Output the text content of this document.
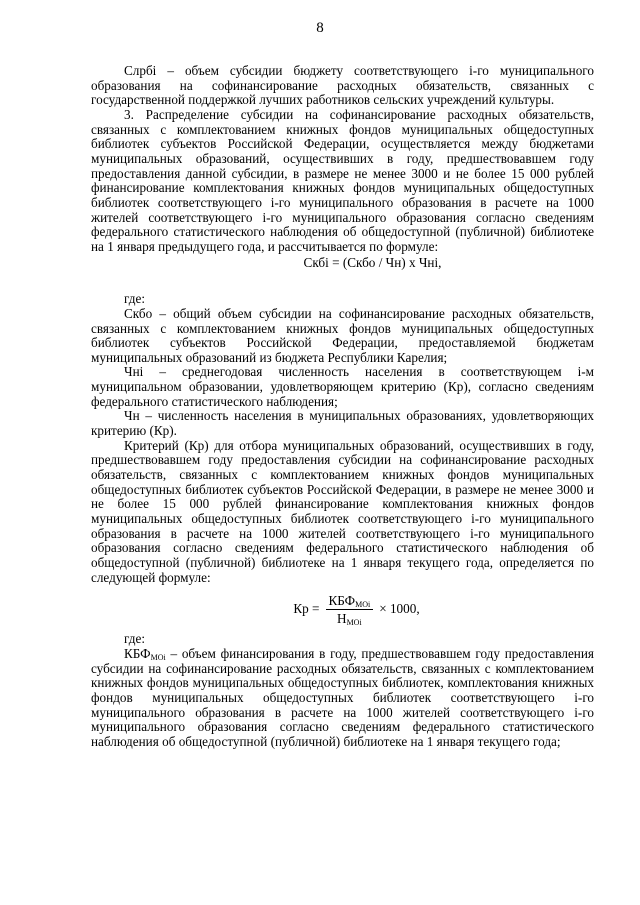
8

Слрбi – объем субсидии бюджету соответствующего i-го муниципального образования на софинансирование расходных обязательств, связанных с государственной поддержкой лучших работников сельских учреждений культуры.

3. Распределение субсидии на софинансирование расходных обязательств, связанных с комплектованием книжных фондов муниципальных общедоступных библиотек субъектов Российской Федерации, осуществляется между бюджетами муниципальных образований, осуществивших в году, предшествовавшем году предоставления данной субсидии, в размере не менее 3000 и не более 15 000 рублей финансирование комплектования книжных фондов муниципальных общедоступных библиотек соответствующего i-го муниципального образования в расчете на 1000 жителей соответствующего i-го муниципального образования согласно сведениям федерального статистического наблюдения об общедоступной (публичной) библиотеке на 1 января предыдущего года, и рассчитывается по формуле:

Скбi = (Скбо / Чн) х Чнi,

где:

Скбо – общий объем субсидии на софинансирование расходных обязательств, связанных с комплектованием книжных фондов муниципальных общедоступных библиотек субъектов Российской Федерации, предоставляемой бюджетам муниципальных образований из бюджета Республики Карелия;

Чнi – среднегодовая численность населения в соответствующем i-м муниципальном образовании, удовлетворяющем критерию (Кр), согласно сведениям федерального статистического наблюдения;

Чн – численность населения в муниципальных образованиях, удовлетворяющих критерию (Кр).

Критерий (Кр) для отбора муниципальных образований, осуществивших в году, предшествовавшем году предоставления субсидии на софинансирование расходных обязательств, связанных с комплектованием книжных фондов муниципальных общедоступных библиотек субъектов Российской Федерации, в размере не менее 3000 и не более 15 000 рублей финансирование комплектования книжных фондов муниципальных общедоступных библиотек соответствующего i-го муниципального образования в расчете на 1000 жителей соответствующего i-го муниципального образования согласно сведениям федерального статистического наблюдения об общедоступной (публичной) библиотеке на 1 января текущего года, определяется по следующей формуле:

Кр = $\frac{КБФ_{МОi}}{Н_{МОi}} \times 1000$,

где:

$КБФ_{МОi}$ – объем финансирования в году, предшествовавшем году предоставления субсидии на софинансирование расходных обязательств, связанных с комплектованием книжных фондов муниципальных общедоступных библиотек, комплектования книжных фондов муниципальных общедоступных библиотек соответствующего i-го муниципального образования в расчете на 1000 жителей соответствующего i-го муниципального образования согласно сведениям федерального статистического наблюдения об общедоступной (публичной) библиотеке на 1 января текущего года;
